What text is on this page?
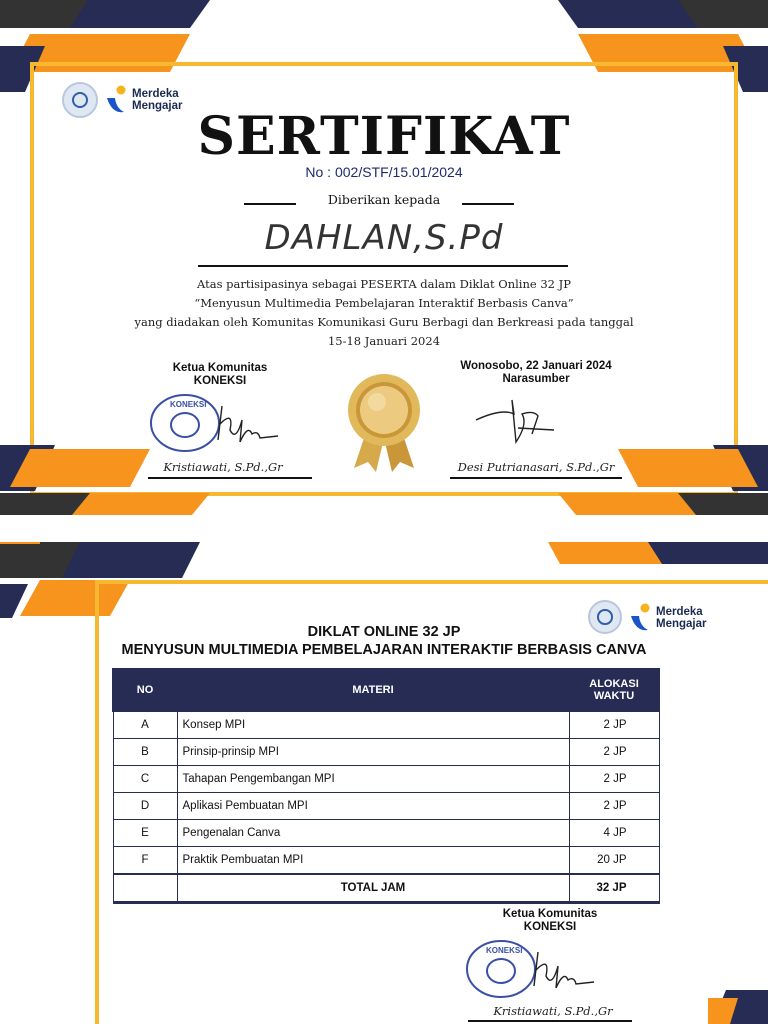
Merdeka
Mengajar SERTIFIKAT
No : 002/STF/15.01/2024
Diberikan kepada
DAHLAN,S.Pd
Atas partisipasinya sebagai PESERTA dalam Diklat Online 32 JP
“Menyusun Multimedia Pembelajaran Interaktif Berbasis Canva”
yang diadakan oleh Komunitas Komunikasi Guru Berbagi dan Berkreasi pada tanggal
15-18 Januari 2024
Ketua Komunitas
KONEKSI
KONEKSI
Kristiawati, S.Pd.,Gr
Wonosobo, 22 Januari 2024
Narasumber
Desi Putrianasari, S.Pd.,Gr
Merdeka
Mengajar
DIKLAT ONLINE 32 JP
MENYUSUN MULTIMEDIA PEMBELAJARAN INTERAKTIF BERBASIS CANVA
NO	MATERI	ALOKASI
WAKTU
A	Konsep MPI	2 JP
B	Prinsip-prinsip MPI	2 JP
C	Tahapan Pengembangan MPI	2 JP
D	Aplikasi Pembuatan MPI	2 JP
E	Pengenalan Canva	4 JP
F	Praktik Pembuatan MPI	20 JP
	TOTAL JAM	32 JP
Ketua Komunitas
KONEKSI
KONEKSI
Kristiawati, S.Pd.,Gr
